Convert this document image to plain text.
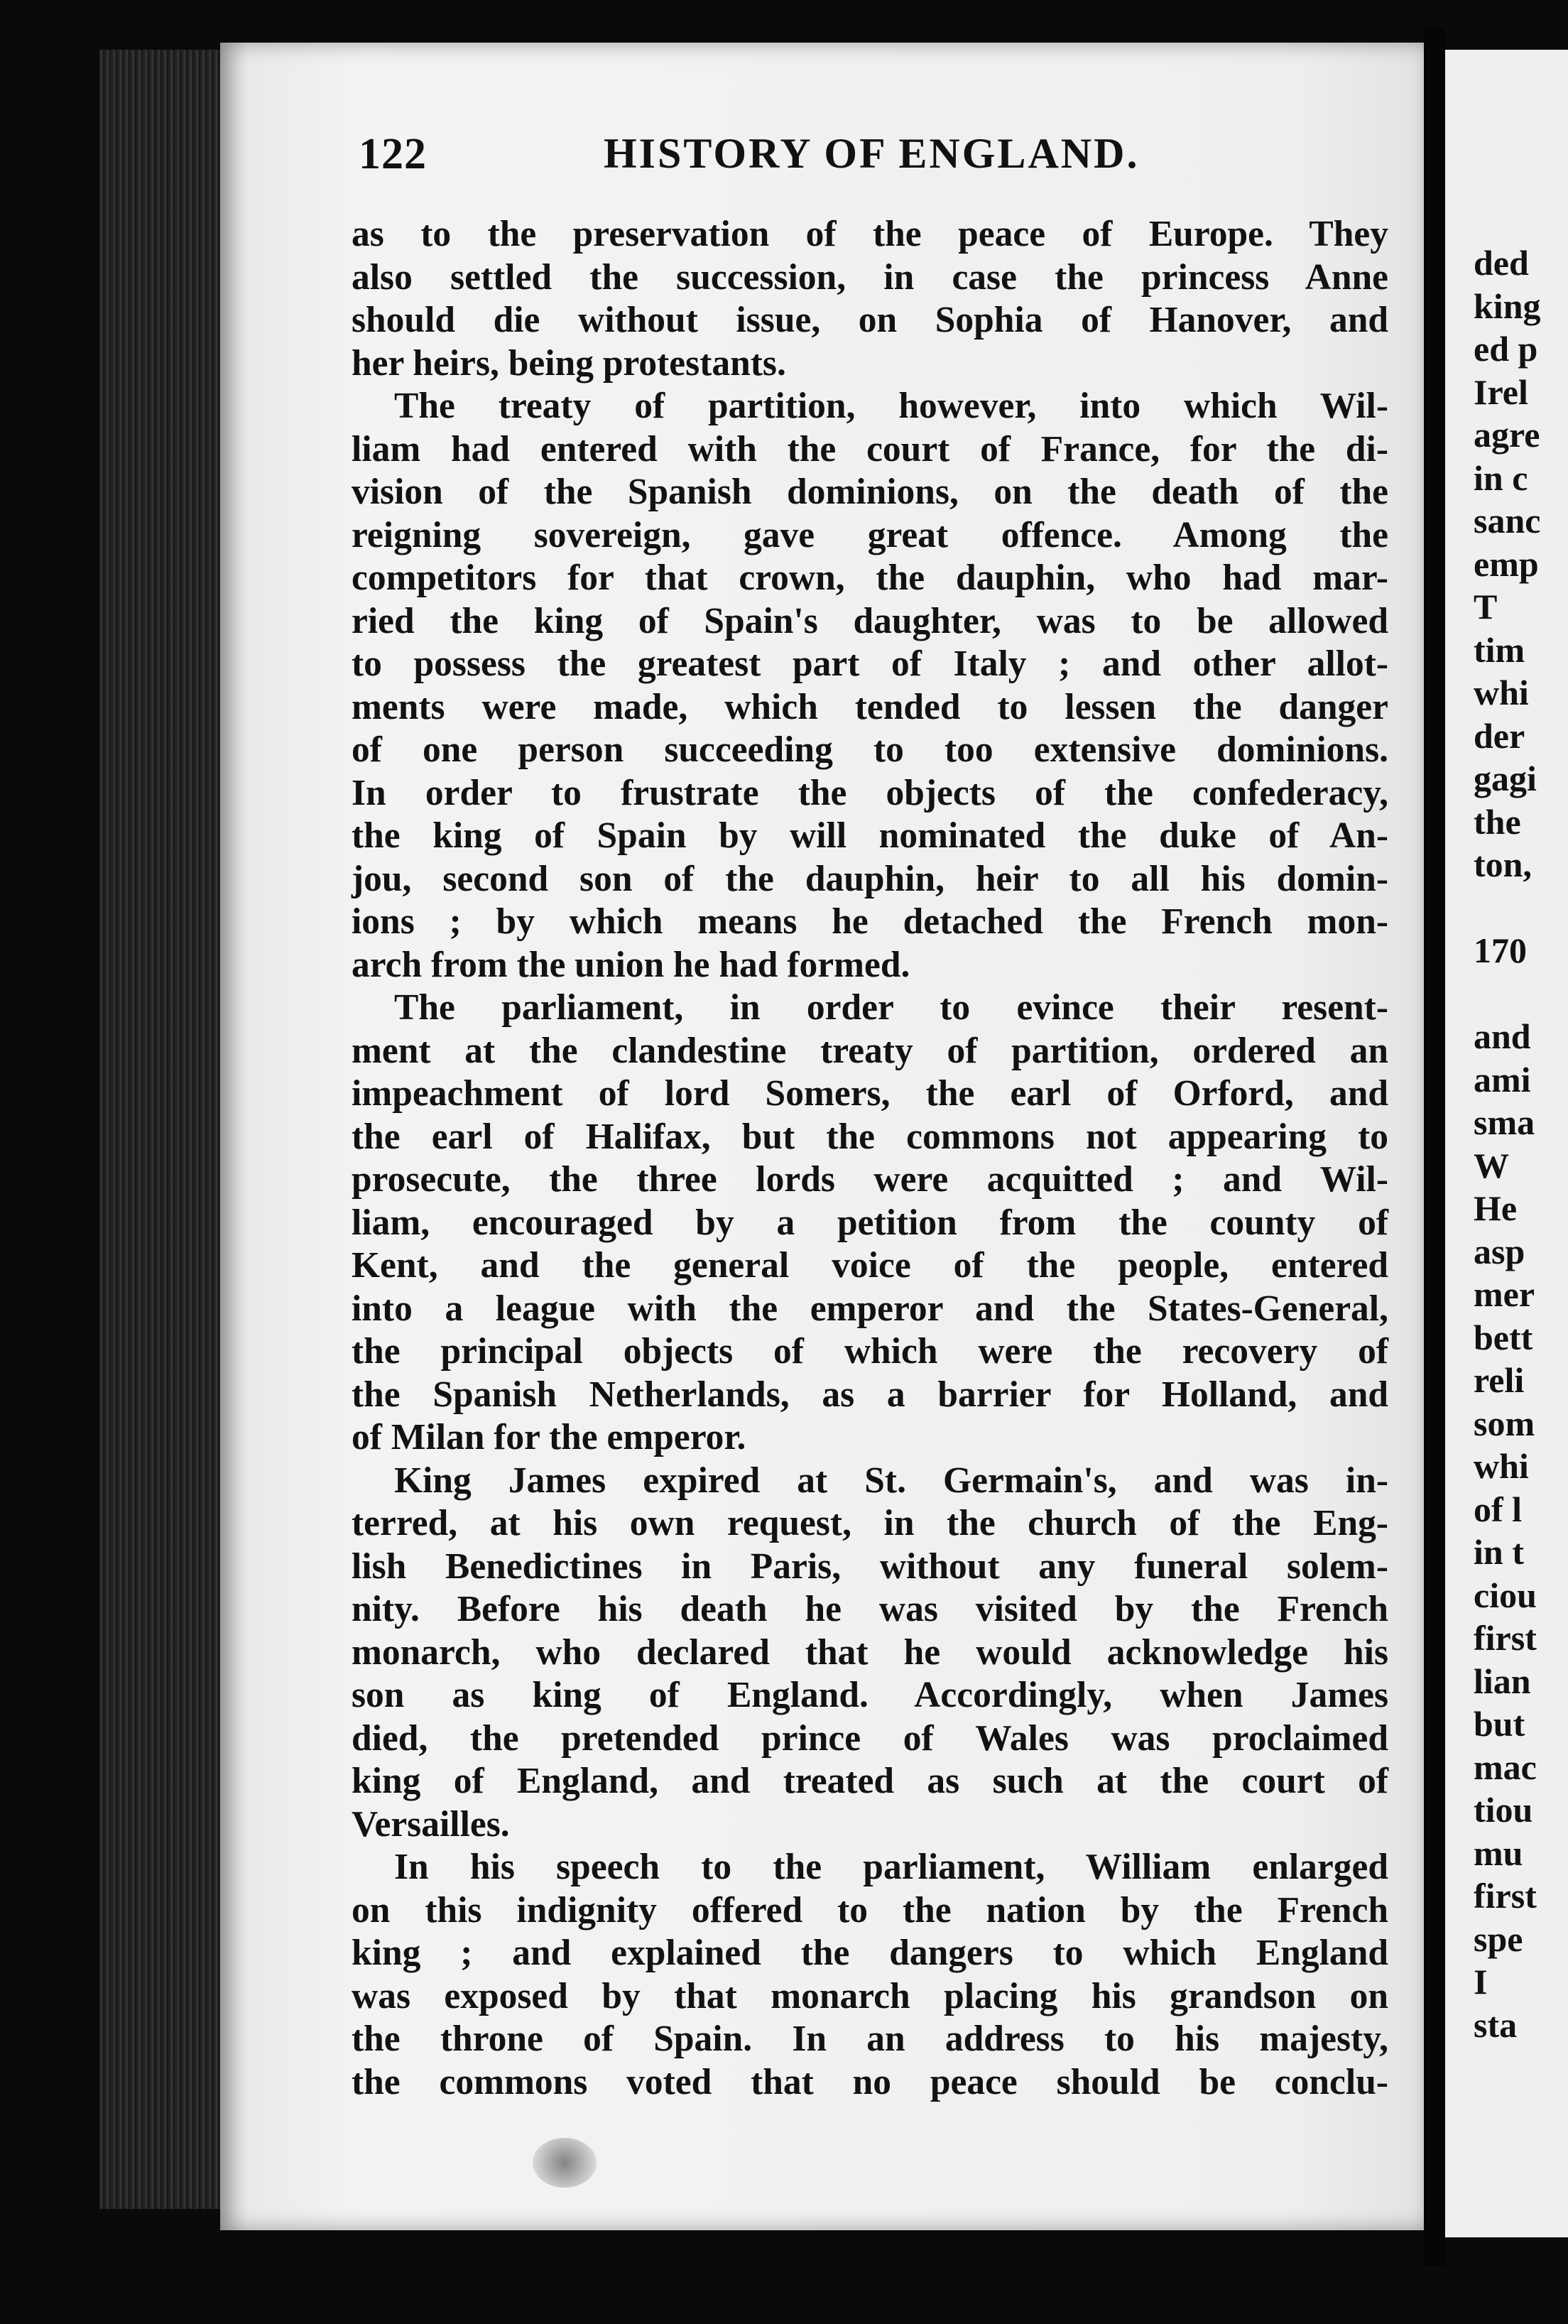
122	HISTORY OF ENGLAND.
as to the preservation of the peace of Europe. They
also settled the succession, in case the princess Anne
should die without issue, on Sophia of Hanover, and
her heirs, being protestants.
The treaty of partition, however, into which Wil-
liam had entered with the court of France, for the di-
vision of the Spanish dominions, on the death of the
reigning sovereign, gave great offence. Among the
competitors for that crown, the dauphin, who had mar-
ried the king of Spain's daughter, was to be allowed
to possess the greatest part of Italy ; and other allot-
ments were made, which tended to lessen the danger
of one person succeeding to too extensive dominions.
In order to frustrate the objects of the confederacy,
the king of Spain by will nominated the duke of An-
jou, second son of the dauphin, heir to all his domin-
ions ; by which means he detached the French mon-
arch from the union he had formed.
The parliament, in order to evince their resent-
ment at the clandestine treaty of partition, ordered an
impeachment of lord Somers, the earl of Orford, and
the earl of Halifax, but the commons not appearing to
prosecute, the three lords were acquitted ; and Wil-
liam, encouraged by a petition from the county of
Kent, and the general voice of the people, entered
into a league with the emperor and the States-General,
the principal objects of which were the recovery of
the Spanish Netherlands, as a barrier for Holland, and
of Milan for the emperor.
King James expired at St. Germain's, and was in-
terred, at his own request, in the church of the Eng-
lish Benedictines in Paris, without any funeral solem-
nity. Before his death he was visited by the French
monarch, who declared that he would acknowledge his
son as king of England. Accordingly, when James
died, the pretended prince of Wales was proclaimed
king of England, and treated as such at the court of
Versailles.
In his speech to the parliament, William enlarged
on this indignity offered to the nation by the French
king ; and explained the dangers to which England
was exposed by that monarch placing his grandson on
the throne of Spain. In an address to his majesty,
the commons voted that no peace should be conclu-
ded
king
ed p
Irel
agre
in c
sanc
emp
T
tim
whi
der
gagi
the
ton,
170
and
ami
sma
W
He
asp
mer
bett
reli
som
whi
of l
in t
ciou
first
lian
but
mac
tiou
mu
first
spe
I
sta
